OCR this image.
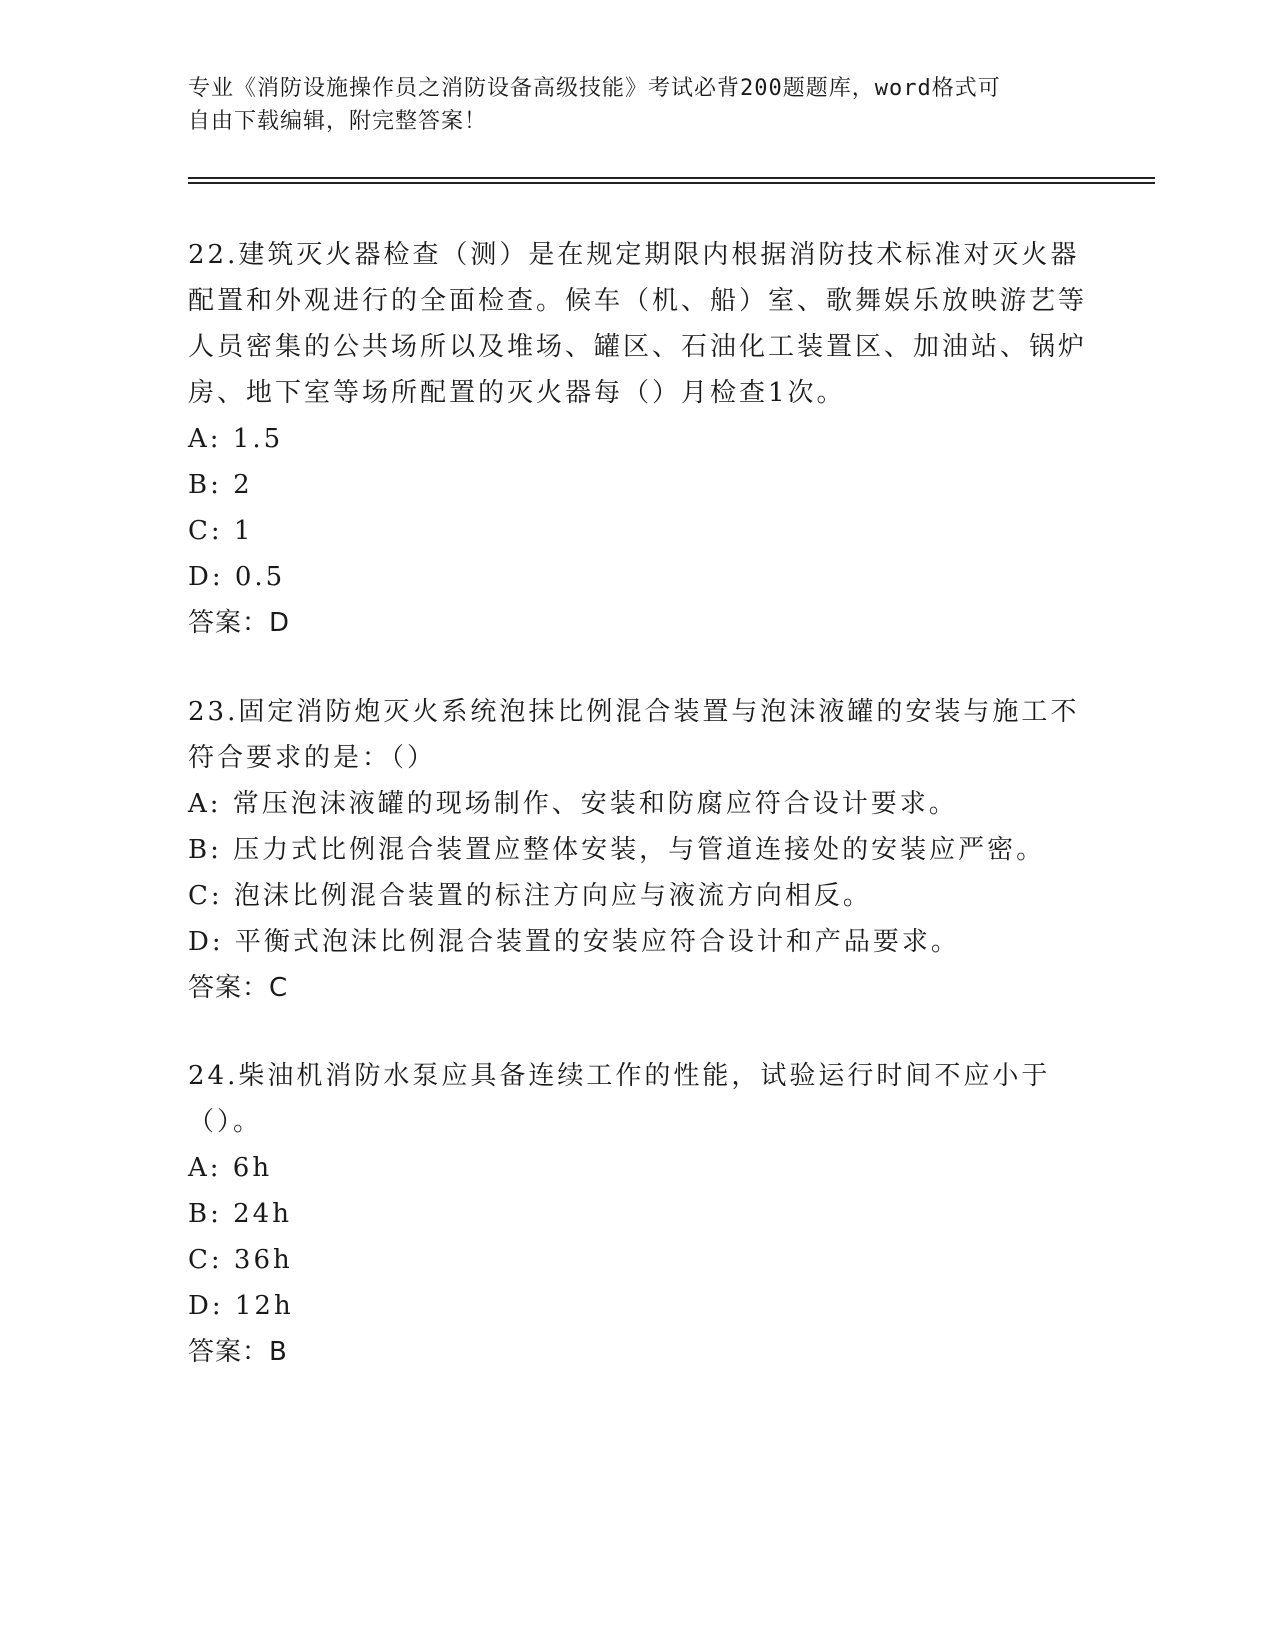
专业《消防设施操作员之消防设备高级技能》考试必背200题题库，word格式可
自由下载编辑，附完整答案！
22.建筑灭火器检查（测）是在规定期限内根据消防技术标准对灭火器配置和外观进行的全面检查。候车（机、船）室、歌舞娱乐放映游艺等人员密集的公共场所以及堆场、罐区、石油化工装置区、加油站、锅炉房、地下室等场所配置的灭火器每（）月检查1次。
A: 1.5
B: 2
C: 1
D: 0.5
答案：D
23.固定消防炮灭火系统泡抹比例混合装置与泡沫液罐的安装与施工不符合要求的是：（）
A: 常压泡沫液罐的现场制作、安装和防腐应符合设计要求。
B: 压力式比例混合装置应整体安装，与管道连接处的安装应严密。
C: 泡沫比例混合装置的标注方向应与液流方向相反。
D: 平衡式泡沫比例混合装置的安装应符合设计和产品要求。
答案：C
24.柴油机消防水泵应具备连续工作的性能，试验运行时间不应小于（）。
A: 6h
B: 24h
C: 36h
D: 12h
答案：B
